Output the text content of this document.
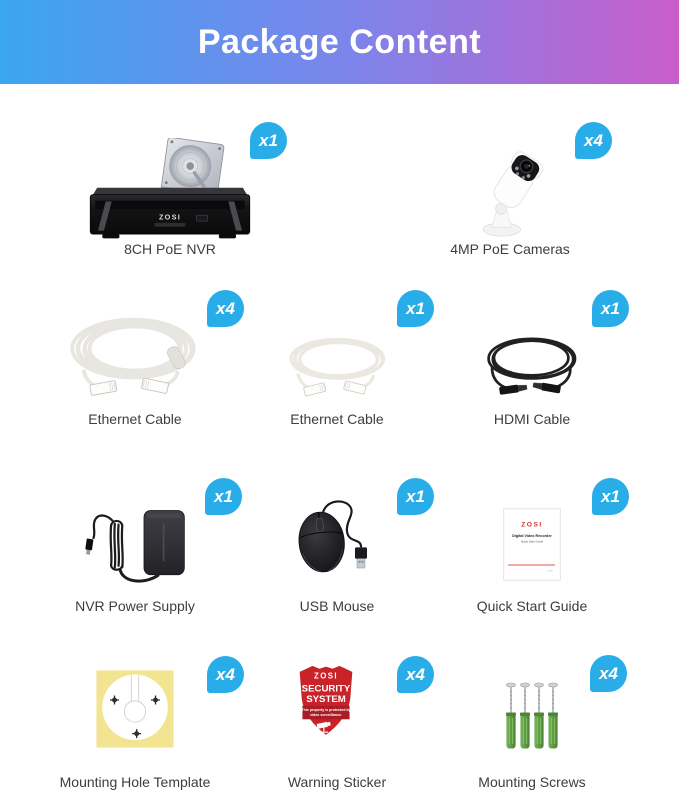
Package Content
ZOSI
x1
8CH PoE NVR
x4
4MP PoE Cameras
x4
Ethernet Cable
x1
Ethernet Cable
x1
HDMI Cable
x1
NVR Power Supply
x1
USB Mouse
ZOSI
Digital Video Recorder
Quick Start Guide
x1
Quick Start Guide
x4
Mounting Hole Template
ZOSI
SECURITY
SYSTEM
This property is protected by
video surveillance.
x4
Warning Sticker
x4
Mounting Screws
